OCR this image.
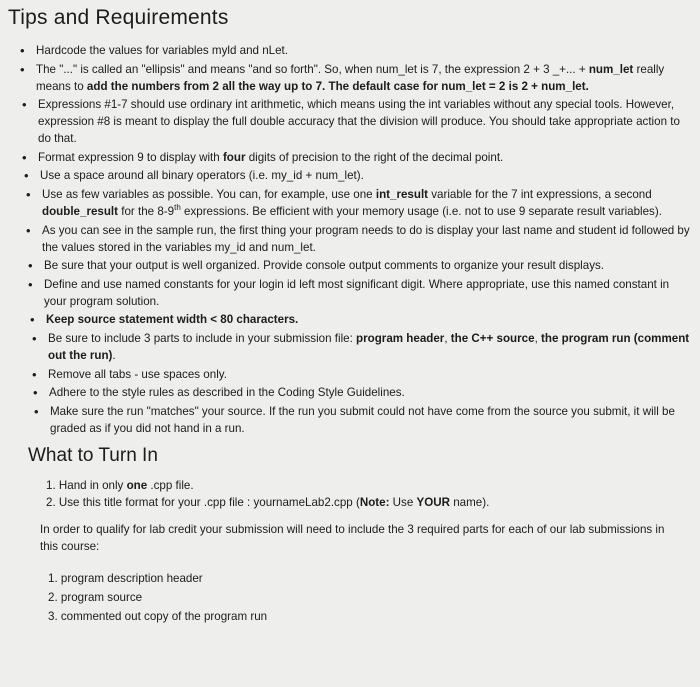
Tips and Requirements
• Hardcode the values for variables myld and nLet.
• The "..." is called an "ellipsis" and means "and so forth". So, when num_let is 7, the expression 2 + 3 _+... + num_let really means to add the numbers from 2 all the way up to 7. The default case for num_let = 2 is 2 + num_let.
• Expressions #1-7 should use ordinary int arithmetic, which means using the int variables without any special tools. However, expression #8 is meant to display the full double accuracy that the division will produce. You should take appropriate action to do that.
• Format expression 9 to display with four digits of precision to the right of the decimal point.
• Use a space around all binary operators (i.e. my_id + num_let).
• Use as few variables as possible. You can, for example, use one int_result variable for the 7 int expressions, a second double_result for the 8-9th expressions. Be efficient with your memory usage (i.e. not to use 9 separate result variables).
• As you can see in the sample run, the first thing your program needs to do is display your last name and student id followed by the values stored in the variables my_id and num_let.
• Be sure that your output is well organized. Provide console output comments to organize your result displays.
• Define and use named constants for your login id left most significant digit. Where appropriate, use this named constant in your program solution.
• Keep source statement width < 80 characters.
• Be sure to include 3 parts to include in your submission file: program header, the C++ source, the program run (comment out the run).
• Remove all tabs - use spaces only.
• Adhere to the style rules as described in the Coding Style Guidelines.
• Make sure the run "matches" your source. If the run you submit could not have come from the source you submit, it will be graded as if you did not hand in a run.
What to Turn In
1. Hand in only one .cpp file.
2. Use this title format for your .cpp file : yournameLab2.cpp (Note: Use YOUR name).

In order to qualify for lab credit your submission will need to include the 3 required parts for each of our lab submissions in this course:

1. program description header
2. program source
3. commented out copy of the program run
